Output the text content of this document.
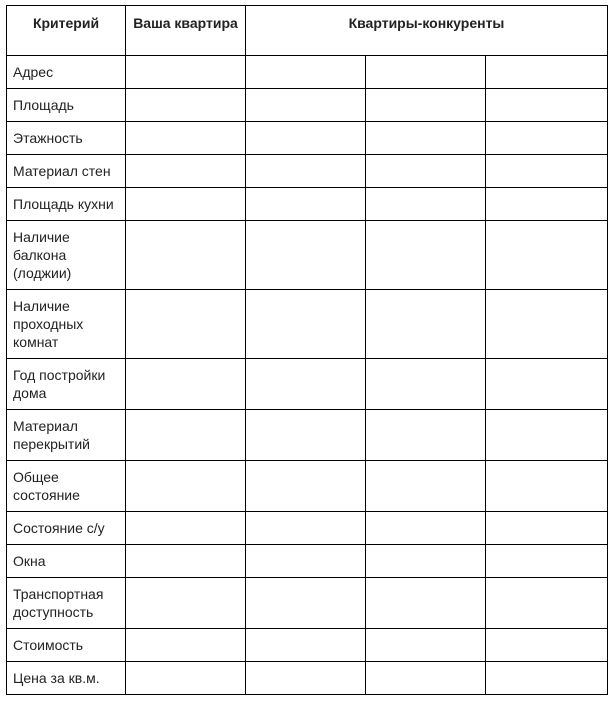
Критерий	Ваша квартира	Квартиры-конкуренты		
Адрес				
Площадь				
Этажность				
Материал стен				
Площадь кухни				
Наличие балкона (лоджии)				
Наличие проходных комнат				
Год постройки дома				
Материал перекрытий				
Общее состояние				
Состояние с/у				
Окна				
Транспортная доступность				
Стоимость				
Цена за кв.м.				
